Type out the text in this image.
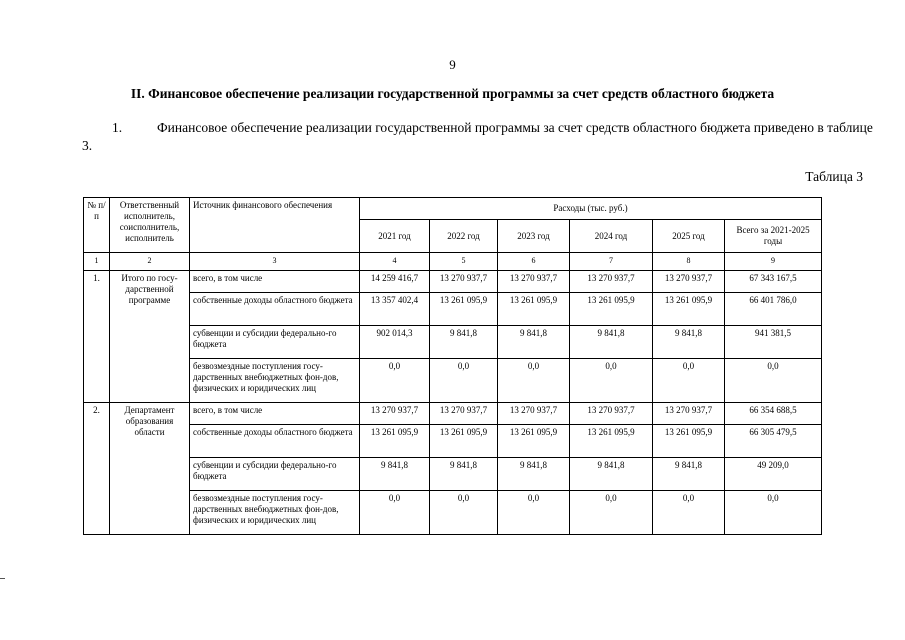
9
II. Финансовое обеспечение реализации государственной программы за счет средств областного бюджета
1.	Финансовое обеспечение реализации государственной программы за счет средств областного бюджета приведено в таблице 3.
Таблица 3
№ п/п	Ответственный исполнитель, соисполнитель, исполнитель	Источник финансового обеспечения	Расходы (тыс. руб.)					
			2021 год	2022 год	2023 год	2024 год	2025 год	Всего за 2021-2025 годы
1	2	3	4	5	6	7	8	9
1.	Итого по госу-дарственной программе	всего, в том числе	14 259 416,7	13 270 937,7	13 270 937,7	13 270 937,7	13 270 937,7	67 343 167,5
		собственные доходы областного бюджета	13 357 402,4	13 261 095,9	13 261 095,9	13 261 095,9	13 261 095,9	66 401 786,0
		субвенции и субсидии федерально-го бюджета	902 014,3	9 841,8	9 841,8	9 841,8	9 841,8	941 381,5
		безвозмездные поступления госу-дарственных внебюджетных фон-дов, физических и юридических лиц	0,0	0,0	0,0	0,0	0,0	0,0
2.	Департамент образования области	всего, в том числе	13 270 937,7	13 270 937,7	13 270 937,7	13 270 937,7	13 270 937,7	66 354 688,5
		собственные доходы областного бюджета	13 261 095,9	13 261 095,9	13 261 095,9	13 261 095,9	13 261 095,9	66 305 479,5
		субвенции и субсидии федерально-го бюджета	9 841,8	9 841,8	9 841,8	9 841,8	9 841,8	49 209,0
		безвозмездные поступления госу-дарственных внебюджетных фон-дов, физических и юридических лиц	0,0	0,0	0,0	0,0	0,0	0,0
